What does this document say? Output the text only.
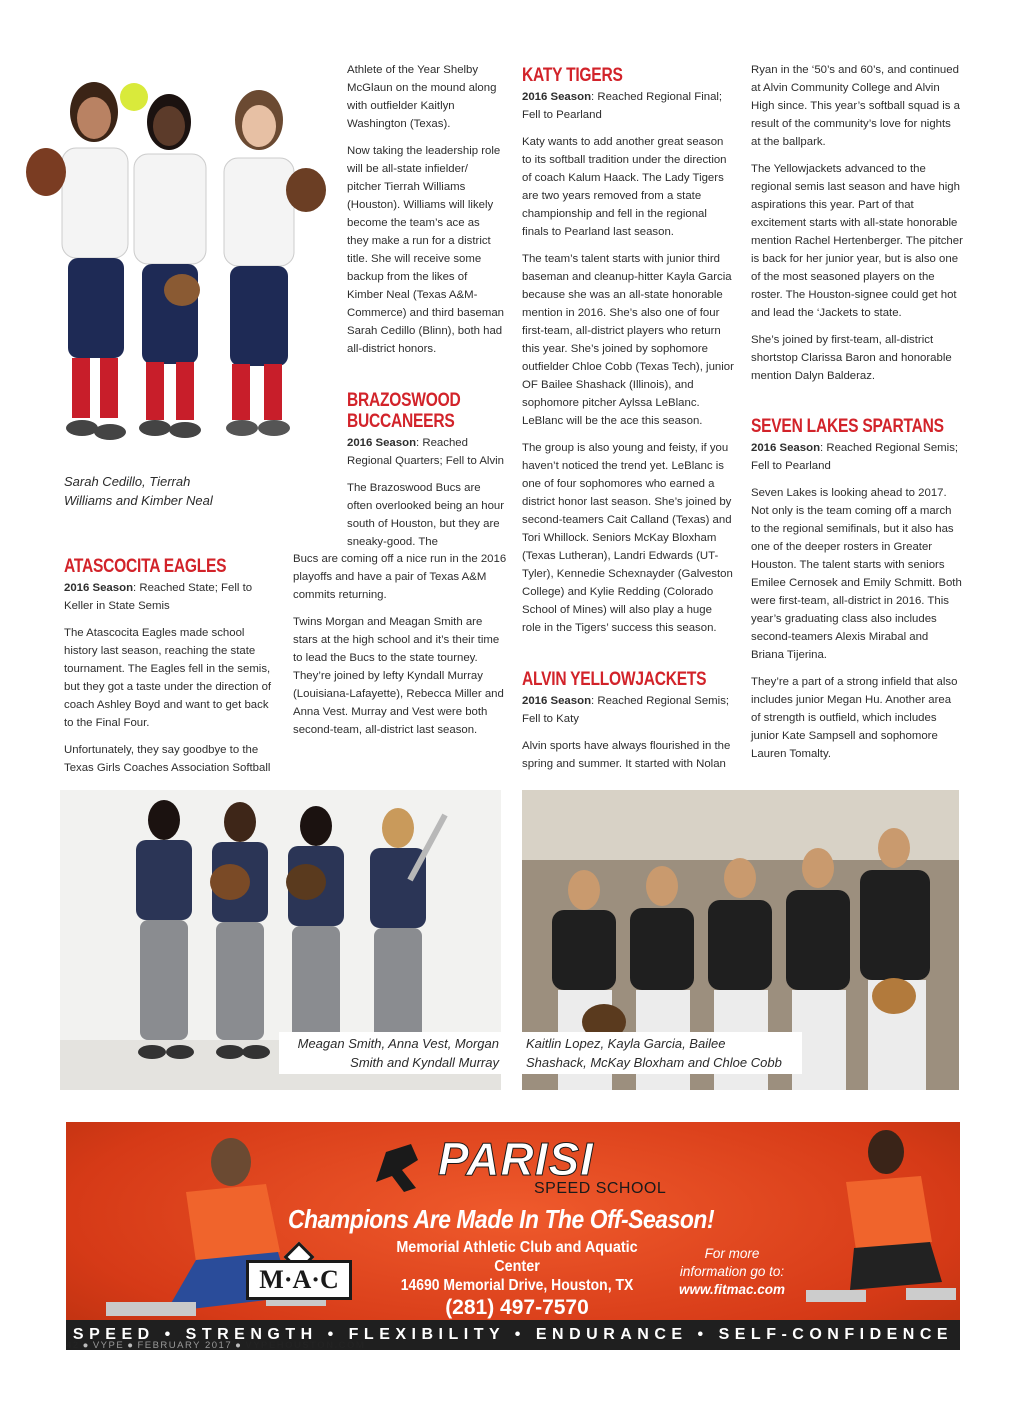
Sarah Cedillo, Tierrah
Williams and Kimber Neal
ATASCOCITA EAGLES
2016 Season: Reached State; Fell to Keller in State Semis

The Atascocita Eagles made school history last season, reaching the state tournament. The Eagles fell in the semis, but they got a taste under the direction of coach Ashley Boyd and want to get back to the Final Four.

Unfortunately, they say goodbye to the Texas Girls Coaches Association Softball

Athlete of the Year Shelby McGlaun on the mound along with outfielder Kaitlyn Washington (Texas).

Now taking the leadership role will be all-state infielder/ pitcher Tierrah Williams (Houston). Williams will likely become the team’s ace as they make a run for a district title. She will receive some backup from the likes of Kimber Neal (Texas A&M-Commerce) and third baseman Sarah Cedillo (Blinn), both had all-district honors.

BRAZOSWOOD
BUCCANEERS
2016 Season: Reached Regional Quarters; Fell to Alvin

The Brazoswood Bucs are often overlooked being an hour south of Houston, but they are sneaky-good. The

Bucs are coming off a nice run in the 2016 playoffs and have a pair of Texas A&M commits returning.

Twins Morgan and Meagan Smith are stars at the high school and it’s their time to lead the Bucs to the state tourney. They’re joined by lefty Kyndall Murray (Louisiana-Lafayette), Rebecca Miller and Anna Vest. Murray and Vest were both second-team, all-district last season.

KATY TIGERS
2016 Season: Reached Regional Final; Fell to Pearland

Katy wants to add another great season to its softball tradition under the direction of coach Kalum Haack. The Lady Tigers are two years removed from a state championship and fell in the regional finals to Pearland last season.

The team’s talent starts with junior third baseman and cleanup-hitter Kayla Garcia because she was an all-state honorable mention in 2016. She’s also one of four first-team, all-district players who return this year. She’s joined by sophomore outfielder Chloe Cobb (Texas Tech), junior OF Bailee Shashack (Illinois), and sophomore pitcher Aylssa LeBlanc. LeBlanc will be the ace this season.

The group is also young and feisty, if you haven’t noticed the trend yet. LeBlanc is one of four sophomores who earned a district honor last season. She’s joined by second-teamers Cait Calland (Texas) and Tori Whillock. Seniors McKay Bloxham (Texas Lutheran), Landri Edwards (UT-Tyler), Kennedie Schexnayder (Galveston College) and Kylie Redding (Colorado School of Mines) will also play a huge role in the Tigers’ success this season.

ALVIN YELLOWJACKETS
2016 Season: Reached Regional Semis; Fell to Katy

Alvin sports have always flourished in the spring and summer. It started with Nolan

Ryan in the ‘50’s and 60’s, and continued at Alvin Community College and Alvin High since. This year’s softball squad is a result of the community’s love for nights at the ballpark.

The Yellowjackets advanced to the regional semis last season and have high aspirations this year. Part of that excitement starts with all-state honorable mention Rachel Hertenberger. The pitcher is back for her junior year, but is also one of the most seasoned players on the roster. The Houston-signee could get hot and lead the ‘Jackets to state.

She’s joined by first-team, all-district shortstop Clarissa Baron and honorable mention Dalyn Balderaz.

SEVEN LAKES SPARTANS
2016 Season: Reached Regional Semis; Fell to Pearland

Seven Lakes is looking ahead to 2017. Not only is the team coming off a march to the regional semifinals, but it also has one of the deeper rosters in Greater Houston. The talent starts with seniors Emilee Cernosek and Emily Schmitt. Both were first-team, all-district in 2016. This year’s graduating class also includes second-teamers Alexis Mirabal and Briana Tijerina.

They’re a part of a strong infield that also includes junior Megan Hu. Another area of strength is outfield, which includes junior Kate Sampsell and sophomore Lauren Tomalty.

Meagan Smith, Anna Vest, Morgan
Smith and Kyndall Murray
Kaitlin Lopez, Kayla Garcia, Bailee
Shashack, McKay Bloxham and Chloe Cobb
PARISI
SPEED SCHOOL
Champions Are Made In The Off-Season!
M·A·C
Memorial Athletic Club and Aquatic Center
14690 Memorial Drive, Houston, TX
(281) 497-7570
For more
information go to:
www.fitmac.com
SPEED • STRENGTH • FLEXIBILITY • ENDURANCE • SELF-CONFIDENCE
42 ● VYPE ● FEBRUARY 2017 ● VYPEHOUSTON.COM
